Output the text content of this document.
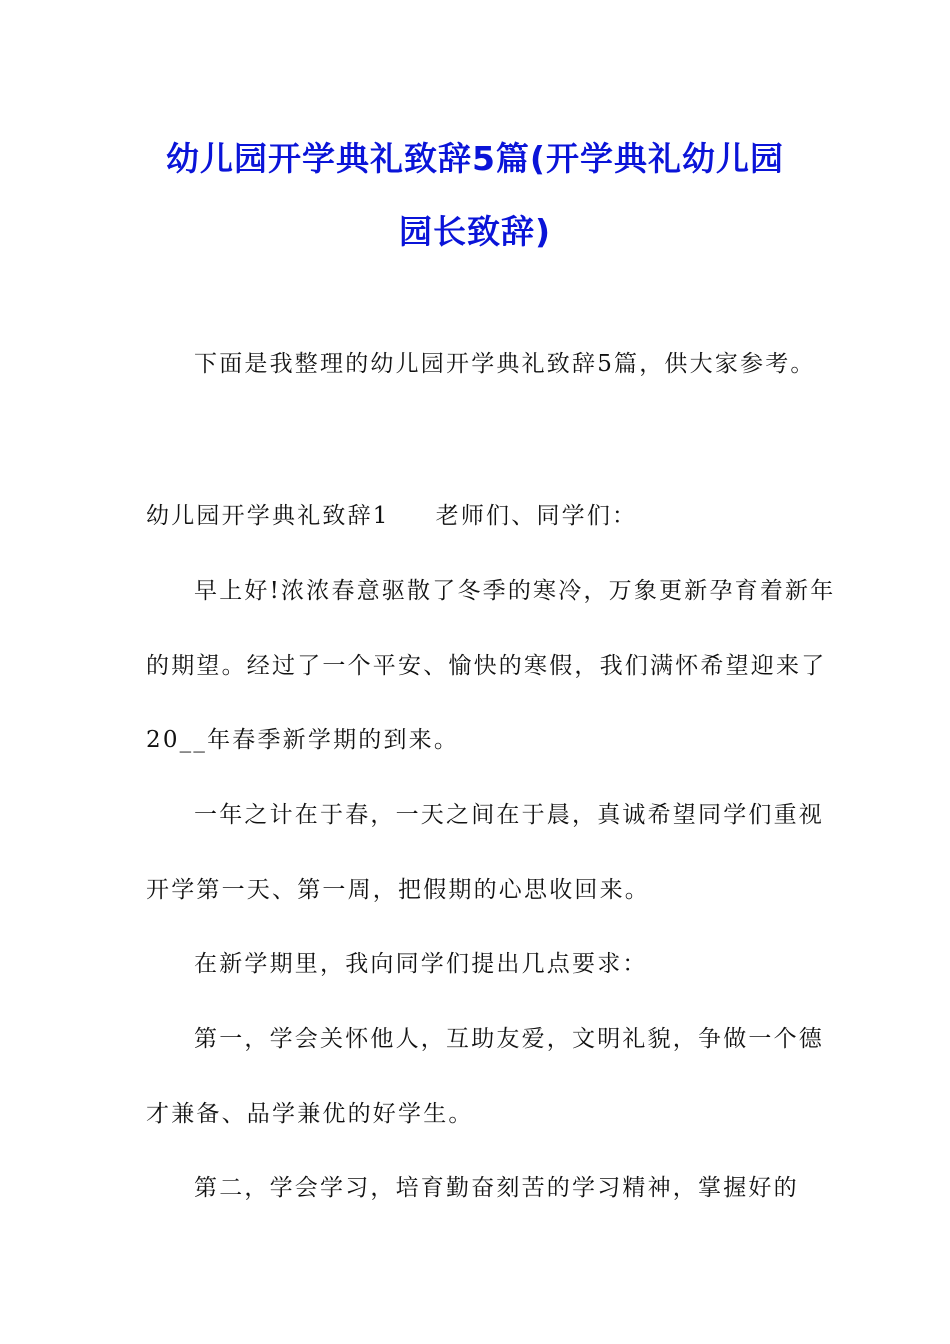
幼儿园开学典礼致辞5篇(开学典礼幼儿园
园长致辞)
下面是我整理的幼儿园开学典礼致辞5篇，供大家参考。
幼儿园开学典礼致辞1 老师们、同学们：
早上好!浓浓春意驱散了冬季的寒冷，万象更新孕育着新年
的期望。经过了一个平安、愉快的寒假，我们满怀希望迎来了
20__年春季新学期的到来。
一年之计在于春，一天之间在于晨，真诚希望同学们重视
开学第一天、第一周，把假期的心思收回来。
在新学期里，我向同学们提出几点要求：
第一，学会关怀他人，互助友爱，文明礼貌，争做一个德
才兼备、品学兼优的好学生。
第二，学会学习，培育勤奋刻苦的学习精神，掌握好的
